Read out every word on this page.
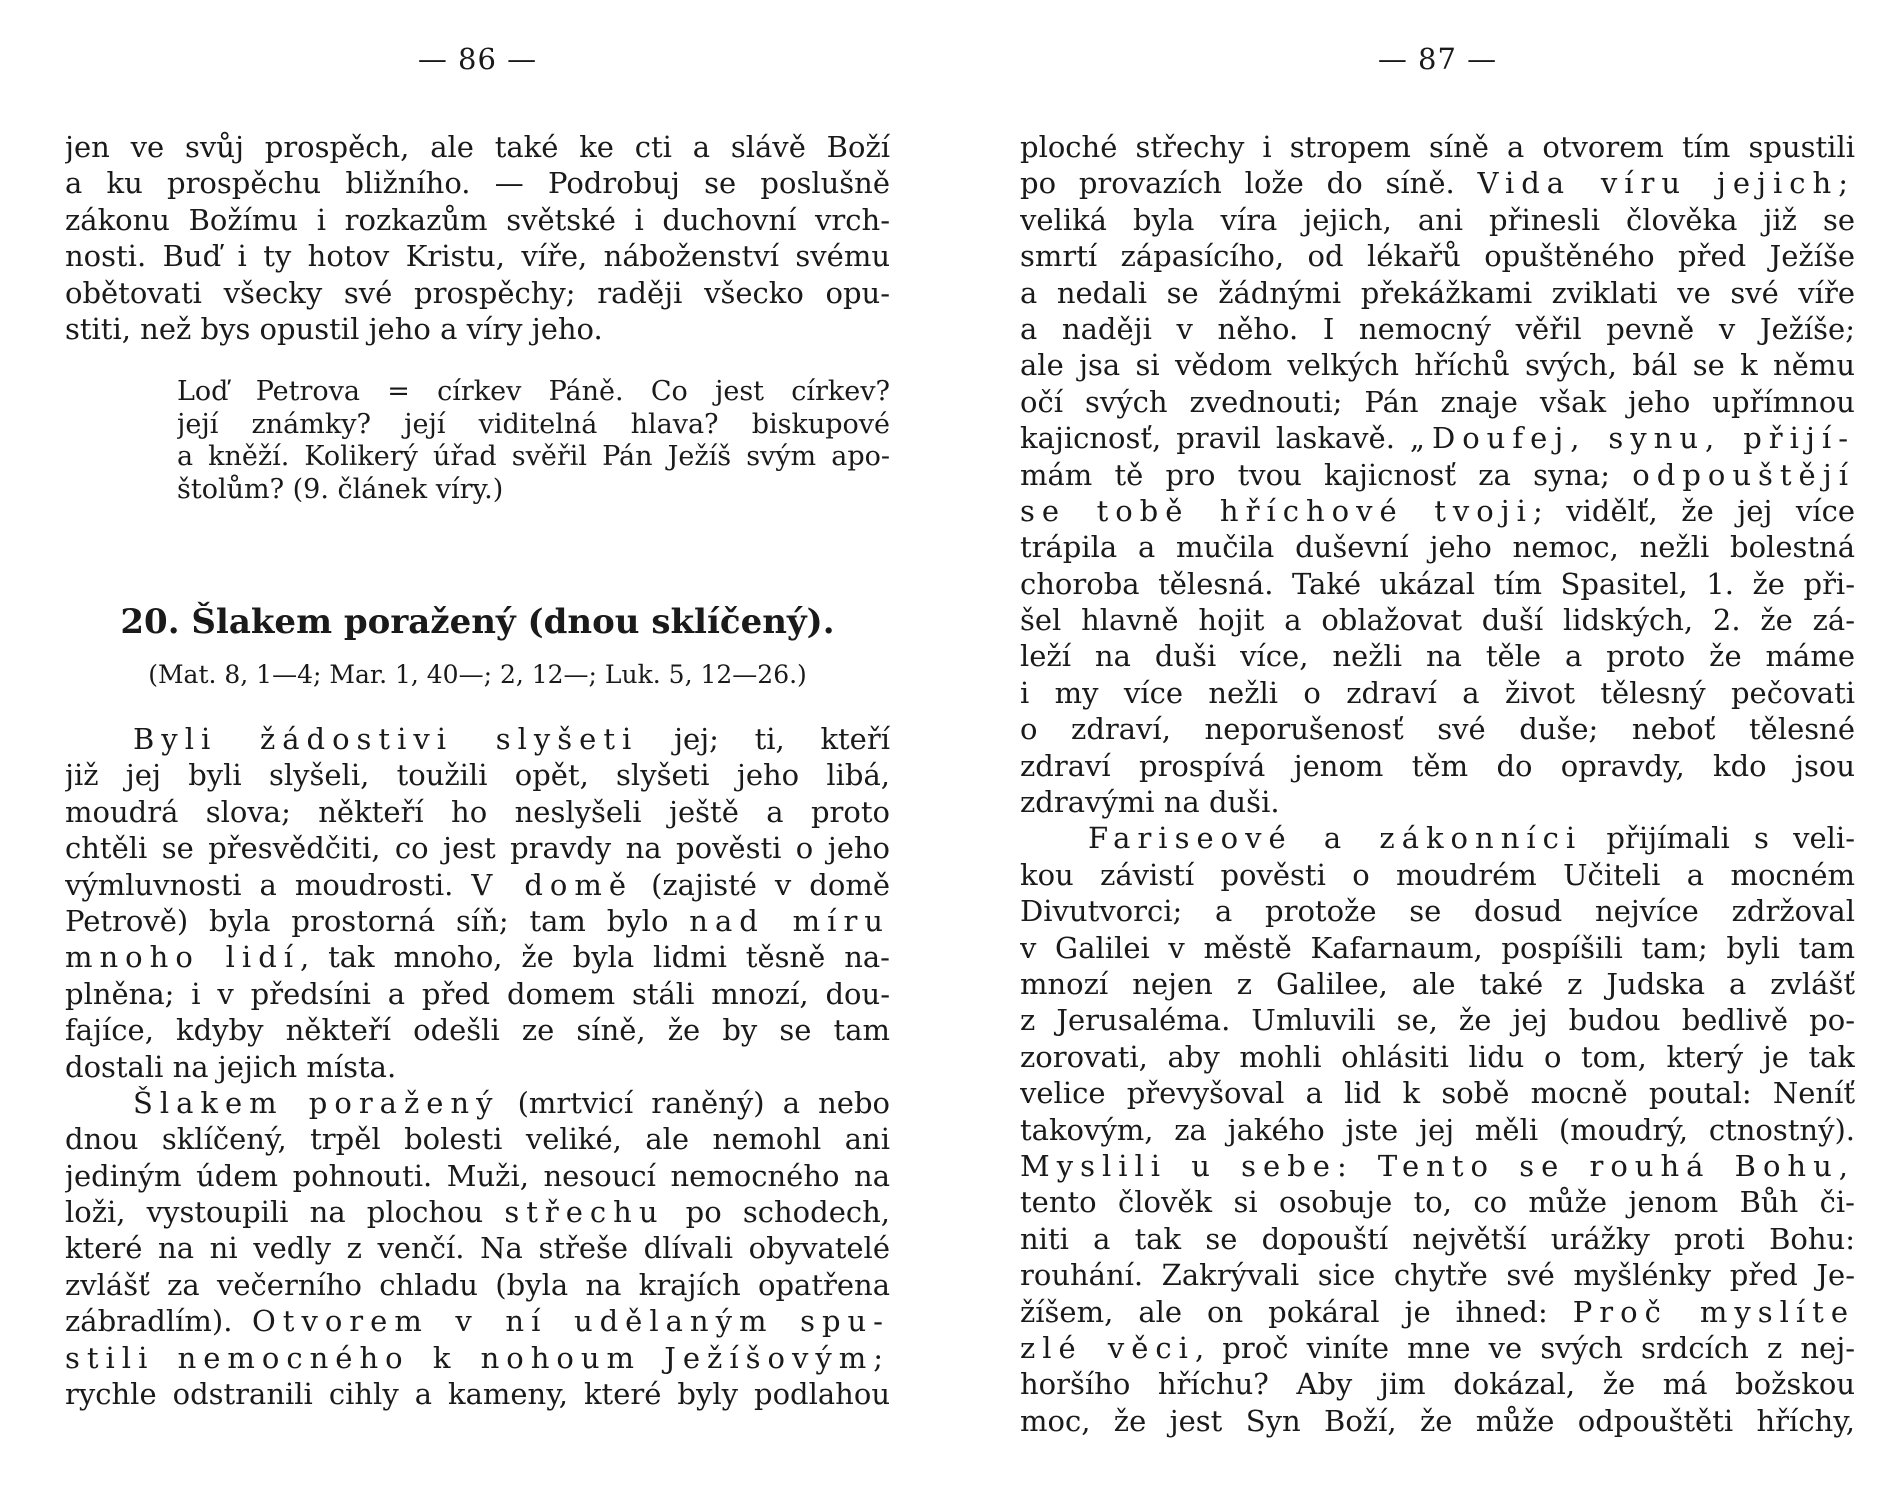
— 86 —
jen ve svůj prospěch, ale také ke cti a slávě Boží
a ku prospěchu bližního. — Podrobuj se poslušně
zákonu Božímu i rozkazům světské i duchovní vrch-
nosti. Buď i ty hotov Kristu, víře, náboženství svému
obětovati všecky své prospěchy; raději všecko opu-
stiti, než bys opustil jeho a víry jeho.
Loď Petrova = církev Páně. Co jest církev?
její známky? její viditelná hlava? biskupové
a kněží. Kolikerý úřad svěřil Pán Ježíš svým apo-
štolům? (9. článek víry.)
20. Šlakem poražený (dnou sklíčený).
(Mat. 8, 1—4; Mar. 1, 40—; 2, 12—; Luk. 5, 12—26.)
Byli žádostivi slyšeti jej; ti, kteří
již jej byli slyšeli, toužili opět, slyšeti jeho libá,
moudrá slova; někteří ho neslyšeli ještě a proto
chtěli se přesvědčiti, co jest pravdy na pověsti o jeho
výmluvnosti a moudrosti. V domě (zajisté v domě
Petrově) byla prostorná síň; tam bylo nad míru
mnoho lidí, tak mnoho, že byla lidmi těsně na-
plněna; i v předsíni a před domem stáli mnozí, dou-
fajíce, kdyby někteří odešli ze síně, že by se tam
dostali na jejich místa.
Šlakem poražený (mrtvicí raněný) a nebo
dnou sklíčený, trpěl bolesti veliké, ale nemohl ani
jediným údem pohnouti. Muži, nesoucí nemocného na
loži, vystoupili na plochou střechu po schodech,
které na ni vedly z venčí. Na střeše dlívali obyvatelé
zvlášť za večerního chladu (byla na krajích opatřena
zábradlím). Otvorem v ní udělaným spu-
stili nemocného k nohoum Ježíšovým;
rychle odstranili cihly a kameny, které byly podlahou
— 87 —
ploché střechy i stropem síně a otvorem tím spustili
po provazích lože do síně. Vida víru jejich;
veliká byla víra jejich, ani přinesli člověka již se
smrtí zápasícího, od lékařů opuštěného před Ježíše
a nedali se žádnými překážkami zviklati ve své víře
a naději v něho. I nemocný věřil pevně v Ježíše;
ale jsa si vědom velkých hříchů svých, bál se k němu
očí svých zvednouti; Pán znaje však jeho upřímnou
kajicnosť, pravil laskavě. „Doufej, synu, přijí-
mám tě pro tvou kajicnosť za syna; odpouštějí
se tobě hříchové tvoji; vidělť, že jej více
trápila a mučila duševní jeho nemoc, nežli bolestná
choroba tělesná. Také ukázal tím Spasitel, 1. že při-
šel hlavně hojit a oblažovat duší lidských, 2. že zá-
leží na duši více, nežli na těle a proto že máme
i my více nežli o zdraví a život tělesný pečovati
o zdraví, neporušenosť své duše; neboť tělesné
zdraví prospívá jenom těm do opravdy, kdo jsou
zdravými na duši.
Fariseové a zákonníci přijímali s veli-
kou závistí pověsti o moudrém Učiteli a mocném
Divutvorci; a protože se dosud nejvíce zdržoval
v Galilei v městě Kafarnaum, pospíšili tam; byli tam
mnozí nejen z Galilee, ale také z Judska a zvlášť
z Jerusaléma. Umluvili se, že jej budou bedlivě po-
zorovati, aby mohli ohlásiti lidu o tom, který je tak
velice převyšoval a lid k sobě mocně poutal: Neníť
takovým, za jakého jste jej měli (moudrý, ctnostný).
Myslili u sebe: Tento se rouhá Bohu,
tento člověk si osobuje to, co může jenom Bůh či-
niti a tak se dopouští největší urážky proti Bohu:
rouhání. Zakrývali sice chytře své myšlénky před Je-
žíšem, ale on pokáral je ihned: Proč myslíte
zlé věci, proč viníte mne ve svých srdcích z nej-
horšího hříchu? Aby jim dokázal, že má božskou
moc, že jest Syn Boží, že může odpouštěti hříchy,
